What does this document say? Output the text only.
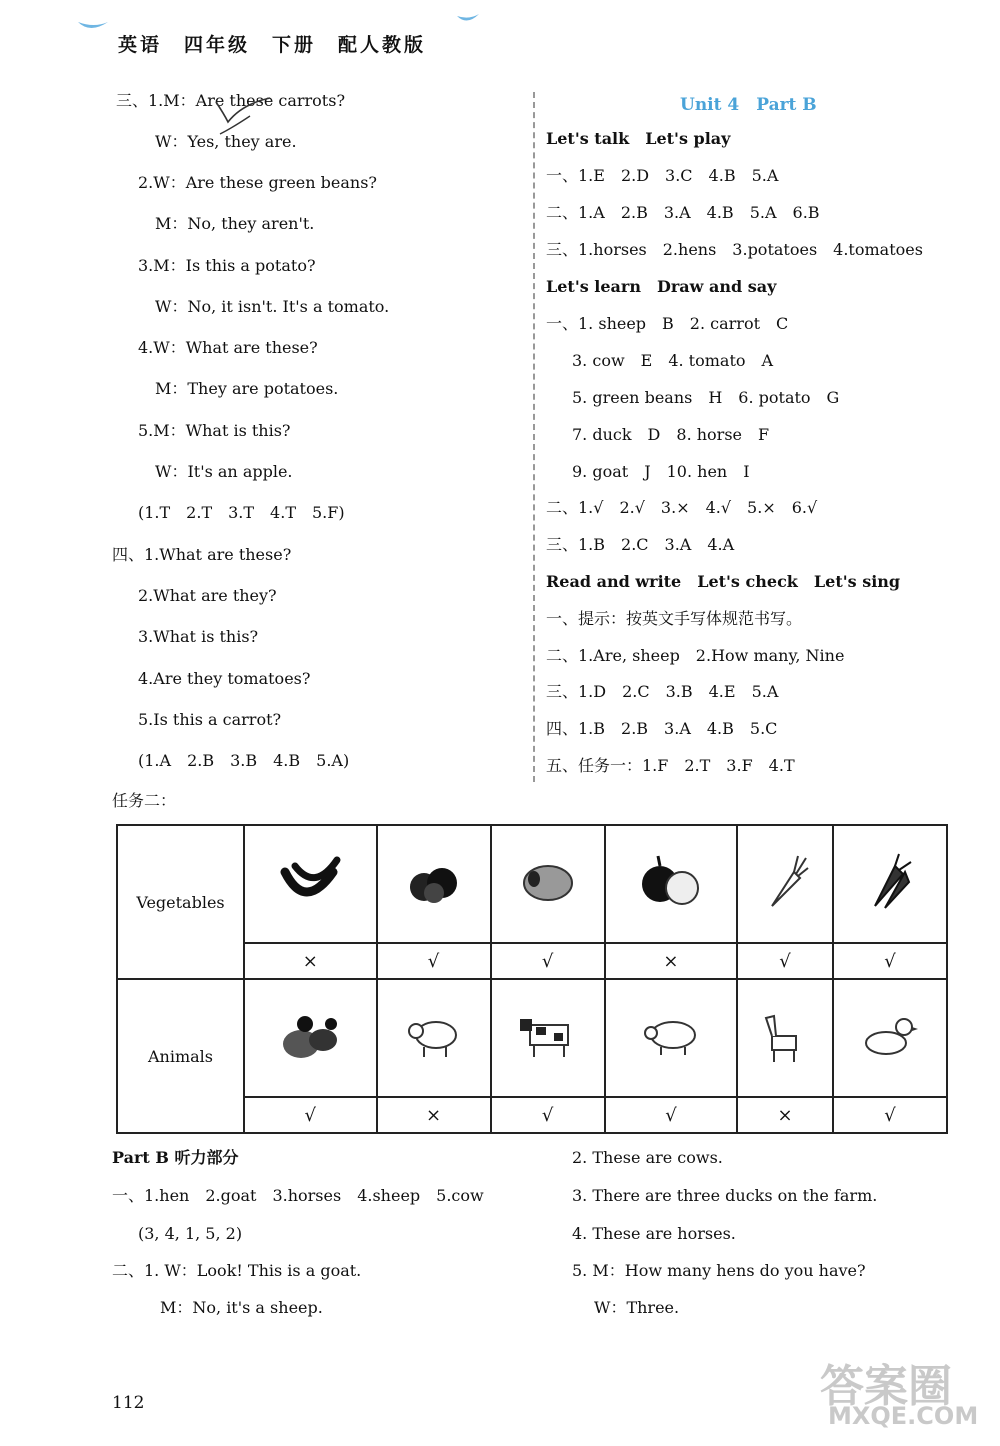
英语　四年级　下册　配人教版
三、1.M：Are these carrots?
W：Yes, they are.
2.W：Are these green beans?
M：No, they aren't.
3.M：Is this a potato?
W：No, it isn't. It's a tomato.
4.W：What are these?
M：They are potatoes.
5.M：What is this?
W：It's an apple.
(1.T　2.T　3.T　4.T　5.F)
四、1.What are these?
2.What are they?
3.What is this?
4.Are they tomatoes?
5.Is this a carrot?
(1.A　2.B　3.B　4.B　5.A)
Unit 4　Part B
Let's talk　Let's play
一、1.E　2.D　3.C　4.B　5.A
二、1.A　2.B　3.A　4.B　5.A　6.B
三、1.horses　2.hens　3.potatoes　4.tomatoes
Let's learn　Draw and say
一、1. sheep　B　2. carrot　C
3. cow　E　4. tomato　A
5. green beans　H　6. potato　G
7. duck　D　8. horse　F
9. goat　J　10. hen　I
二、1.√　2.√　3.×　4.√　5.×　6.√
三、1.B　2.C　3.A　4.A
Read and write　Let's check　Let's sing
一、提示：按英文手写体规范书写。
二、1.Are, sheep　2.How many, Nine
三、1.D　2.C　3.B　4.E　5.A
四、1.B　2.B　3.A　4.B　5.C
五、任务一：1.F　2.T　3.F　4.T
任务二：
Vegetables						
	×	√	√	×	√	√
Animals						
	√	×	√	√	×	√
Part B 听力部分
一、1.hen　2.goat　3.horses　4.sheep　5.cow
(3, 4, 1, 5, 2)
二、1. W：Look! This is a goat.
M：No, it's a sheep.
2. These are cows.
3. There are three ducks on the farm.
4. These are horses.
5. M：How many hens do you have?
W：Three.
112	答案圈
MXQE.COM
